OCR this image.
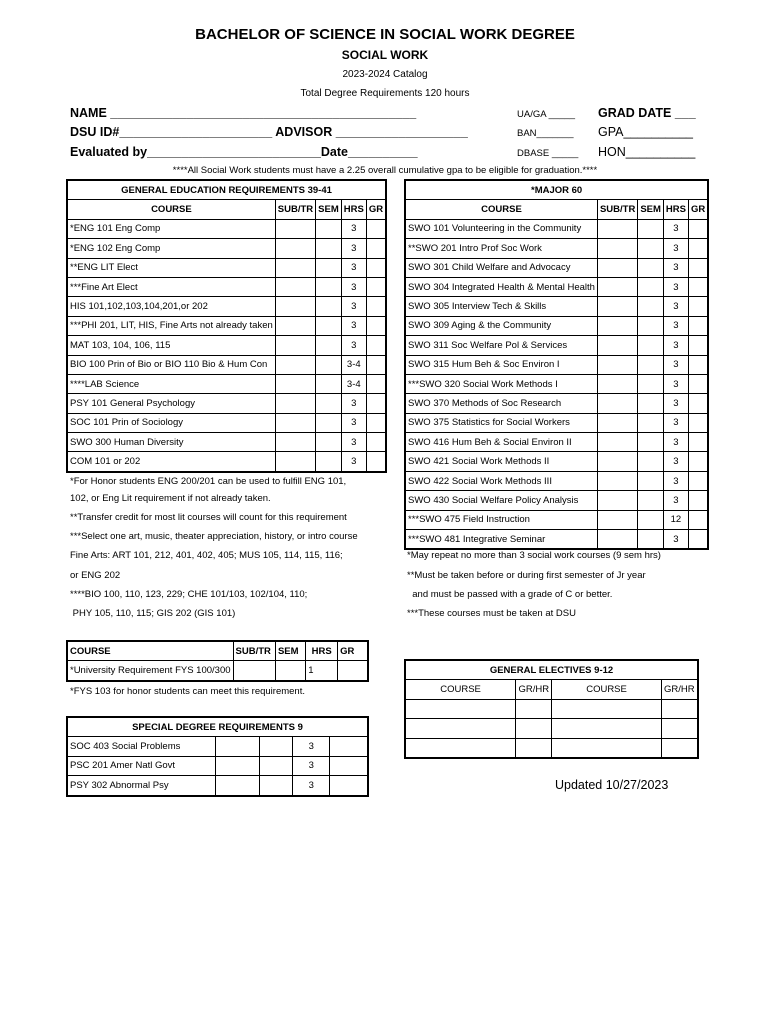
BACHELOR OF SCIENCE IN SOCIAL WORK DEGREE
SOCIAL WORK
2023-2024 Catalog
Total Degree Requirements 120 hours
NAME ____________________________________________
DSU ID#______________________ ADVISOR ___________________
Evaluated by_________________________Date__________
UA/GA _____
BAN_______
DBASE _____
GRAD DATE ___
GPA__________
HON__________
****All Social Work students must have a 2.25 overall cumulative gpa to be eligible for graduation.****
GENERAL EDUCATION REQUIREMENTS 39-41				
COURSE	SUB/TR	SEM	HRS	GR
*ENG 101 Eng Comp			3	
*ENG 102 Eng Comp			3	
**ENG LIT Elect			3	
***Fine Art Elect			3	
HIS 101,102,103,104,201,or 202			3	
***PHI 201, LIT, HIS, Fine Arts not already taken			3	
MAT 103, 104, 106, 115			3	
BIO 100 Prin of Bio or BIO 110 Bio & Hum Con			3-4	
****LAB Science			3-4	
PSY 101 General Psychology			3	
SOC 101 Prin of Sociology			3	
SWO 300 Human Diversity			3	
COM 101 or 202			3	
*MAJOR 60				
COURSE	SUB/TR	SEM	HRS	GR
SWO 101 Volunteering in the Community			3	
**SWO 201 Intro Prof Soc Work			3	
SWO 301 Child Welfare and Advocacy			3	
SWO 304 Integrated Health & Mental Health			3	
SWO 305 Interview Tech & Skills			3	
SWO 309 Aging & the Community			3	
SWO 311 Soc Welfare Pol & Services			3	
SWO 315 Hum Beh & Soc Environ I			3	
***SWO 320 Social Work Methods I			3	
SWO 370 Methods of Soc Research			3	
SWO 375 Statistics for Social Workers			3	
SWO 416 Hum Beh & Social Environ II			3	
SWO 421 Social Work Methods II			3	
SWO 422 Social Work Methods III			3	
SWO 430 Social Welfare Policy Analysis			3	
***SWO 475 Field Instruction			12	
***SWO 481 Integrative Seminar			3	
*For Honor students ENG 200/201 can be used to fulfill ENG 101,
102, or Eng Lit requirement if not already taken.
**Transfer credit for most lit courses will count for this requirement
***Select one art, music, theater appreciation, history, or intro course
Fine Arts: ART 101, 212, 401, 402, 405; MUS 105, 114, 115, 116;
or ENG 202
****BIO 100, 110, 123, 229; CHE 101/103, 102/104, 110;
PHY 105, 110, 115; GIS 202 (GIS 101)
*May repeat no more than 3 social work courses (9 sem hrs)
**Must be taken before or during first semester of Jr year
and must be passed with a grade of C or better.
***These courses must be taken at DSU
COURSE	SUB/TR	SEM	HRS	GR
*University Requirement FYS 100/300			1	
*FYS 103 for honor students can meet this requirement.
SPECIAL DEGREE REQUIREMENTS 9				
SOC 403 Social Problems			3	
PSC 201 Amer Natl Govt			3	
PSY 302 Abnormal Psy			3	
GENERAL ELECTIVES 9-12			
COURSE	GR/HR	COURSE	GR/HR

Updated 10/27/2023
